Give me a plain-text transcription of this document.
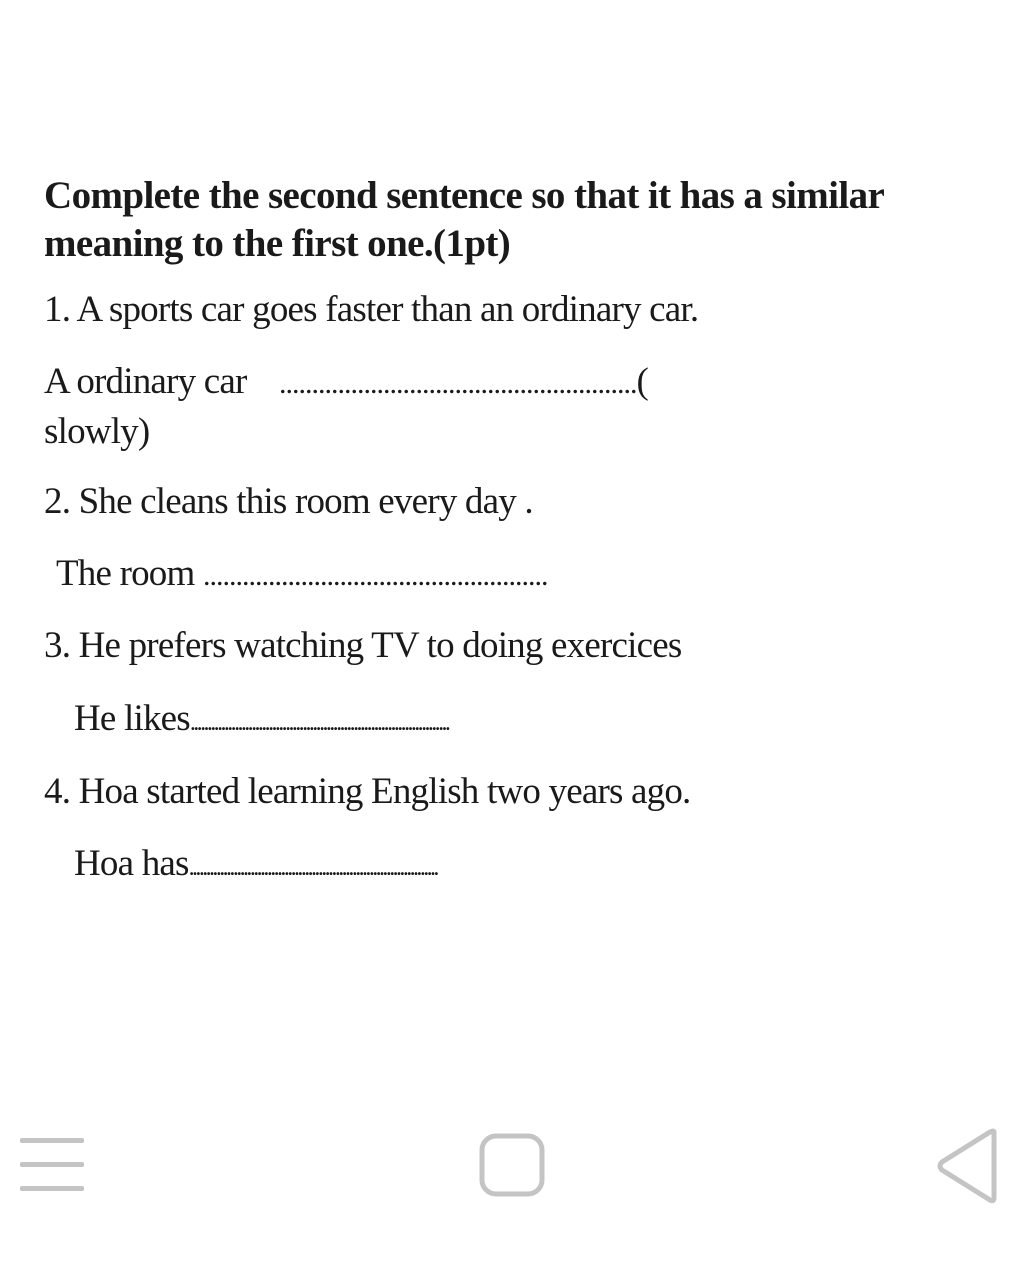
Complete the second sentence so that it has a similar meaning to the first one.(1pt)

1. A sports car goes faster than an ordinary car.

A ordinary car .......................................................(

slowly)

2. She cleans this room every day .

The room .....................................................

3. He prefers watching TV to doing exercices

He likes............................................................................

4. Hoa started learning English two years ago.

Hoa has.........................................................................
